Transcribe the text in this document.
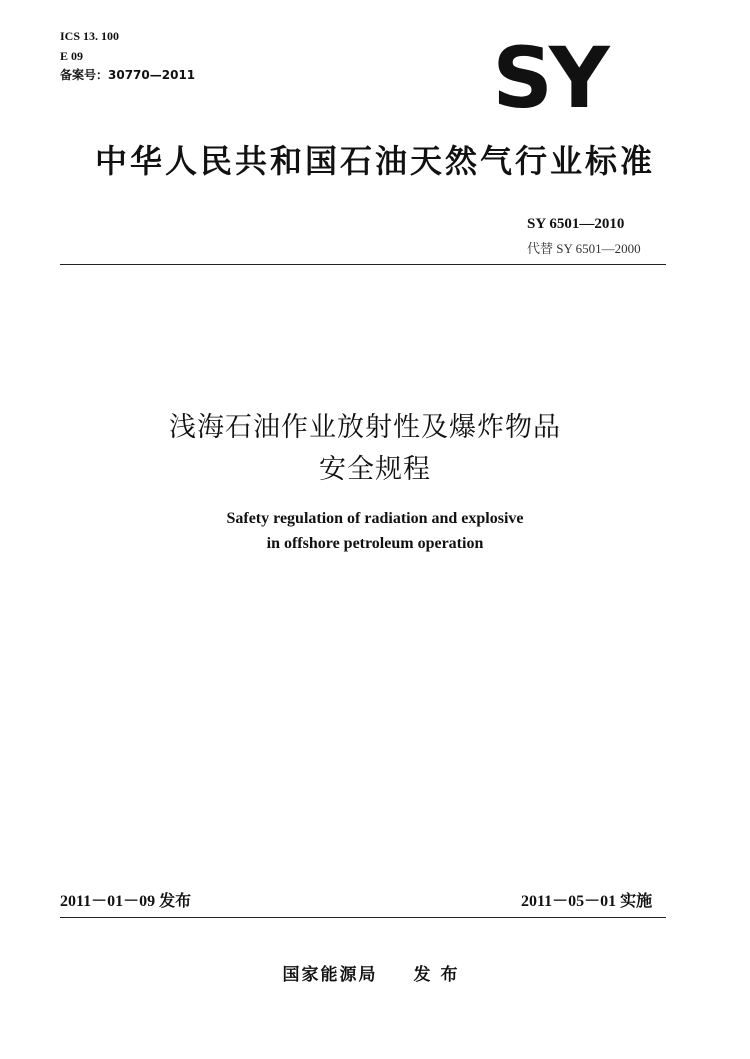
ICS 13. 100
E 09
备案号：30770—2011	SY
中华人民共和国石油天然气行业标准
SY 6501—2010
代替 SY 6501—2000
浅海石油作业放射性及爆炸物品
安全规程
Safety regulation of radiation and explosive
in offshore petroleum operation
2011－01－09 发布	2011－05－01 实施
国家能源局 发布
